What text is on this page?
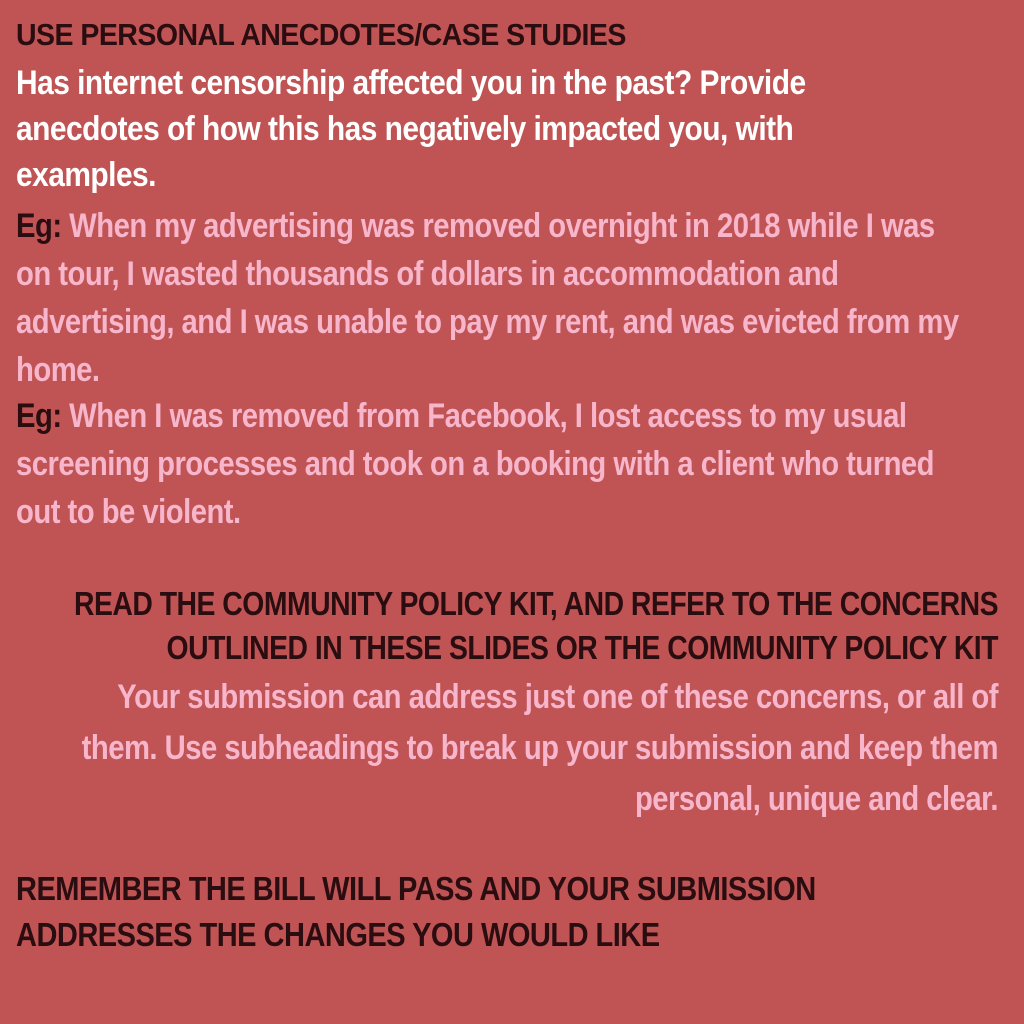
USE PERSONAL ANECDOTES/CASE STUDIES

Has internet censorship affected you in the past? Provide anecdotes of how this has negatively impacted you, with examples.

Eg: When my advertising was removed overnight in 2018 while I was on tour, I wasted thousands of dollars in accommodation and advertising, and I was unable to pay my rent, and was evicted from my home.

Eg: When I was removed from Facebook, I lost access to my usual screening processes and took on a booking with a client who turned out to be violent.

READ THE COMMUNITY POLICY KIT, AND REFER TO THE CONCERNS OUTLINED IN THESE SLIDES OR THE COMMUNITY POLICY KIT

Your submission can address just one of these concerns, or all of them. Use subheadings to break up your submission and keep them personal, unique and clear.

REMEMBER THE BILL WILL PASS AND YOUR SUBMISSION ADDRESSES THE CHANGES YOU WOULD LIKE
